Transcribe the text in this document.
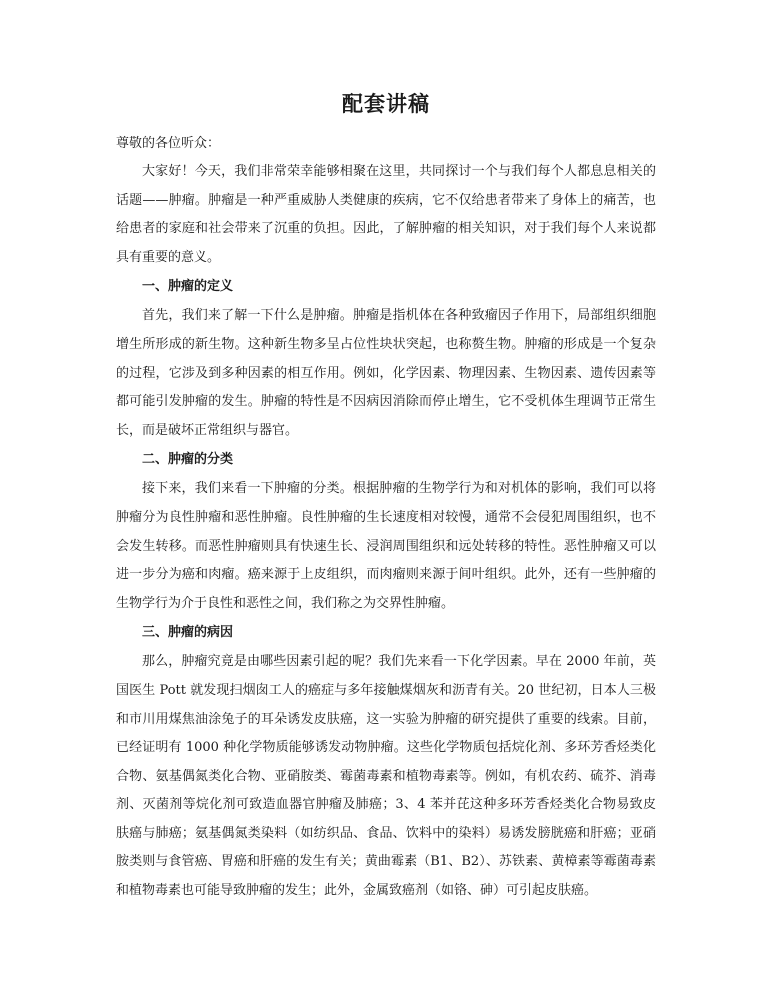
配套讲稿

尊敬的各位听众：

大家好！今天，我们非常荣幸能够相聚在这里，共同探讨一个与我们每个人都息息相关的话题——肿瘤。肿瘤是一种严重威胁人类健康的疾病，它不仅给患者带来了身体上的痛苦，也给患者的家庭和社会带来了沉重的负担。因此，了解肿瘤的相关知识，对于我们每个人来说都具有重要的意义。

一、肿瘤的定义

首先，我们来了解一下什么是肿瘤。肿瘤是指机体在各种致瘤因子作用下，局部组织细胞增生所形成的新生物。这种新生物多呈占位性块状突起，也称赘生物。肿瘤的形成是一个复杂的过程，它涉及到多种因素的相互作用。例如，化学因素、物理因素、生物因素、遗传因素等都可能引发肿瘤的发生。肿瘤的特性是不因病因消除而停止增生，它不受机体生理调节正常生长，而是破坏正常组织与器官。

二、肿瘤的分类

接下来，我们来看一下肿瘤的分类。根据肿瘤的生物学行为和对机体的影响，我们可以将肿瘤分为良性肿瘤和恶性肿瘤。良性肿瘤的生长速度相对较慢，通常不会侵犯周围组织，也不会发生转移。而恶性肿瘤则具有快速生长、浸润周围组织和远处转移的特性。恶性肿瘤又可以进一步分为癌和肉瘤。癌来源于上皮组织，而肉瘤则来源于间叶组织。此外，还有一些肿瘤的生物学行为介于良性和恶性之间，我们称之为交界性肿瘤。

三、肿瘤的病因

那么，肿瘤究竟是由哪些因素引起的呢？我们先来看一下化学因素。早在 2000 年前，英国医生 Pott 就发现扫烟囱工人的癌症与多年接触煤烟灰和沥青有关。20 世纪初，日本人三极和市川用煤焦油涂兔子的耳朵诱发皮肤癌，这一实验为肿瘤的研究提供了重要的线索。目前，已经证明有 1000 种化学物质能够诱发动物肿瘤。这些化学物质包括烷化剂、多环芳香烃类化合物、氨基偶氮类化合物、亚硝胺类、霉菌毒素和植物毒素等。例如，有机农药、硫芥、消毒剂、灭菌剂等烷化剂可致造血器官肿瘤及肺癌；3、4 苯并芘这种多环芳香烃类化合物易致皮肤癌与肺癌；氨基偶氮类染料（如纺织品、食品、饮料中的染料）易诱发膀胱癌和肝癌；亚硝胺类则与食管癌、胃癌和肝癌的发生有关；黄曲霉素（B1、B2）、苏铁素、黄樟素等霉菌毒素和植物毒素也可能导致肿瘤的发生；此外，金属致癌剂（如铬、砷）可引起皮肤癌。
